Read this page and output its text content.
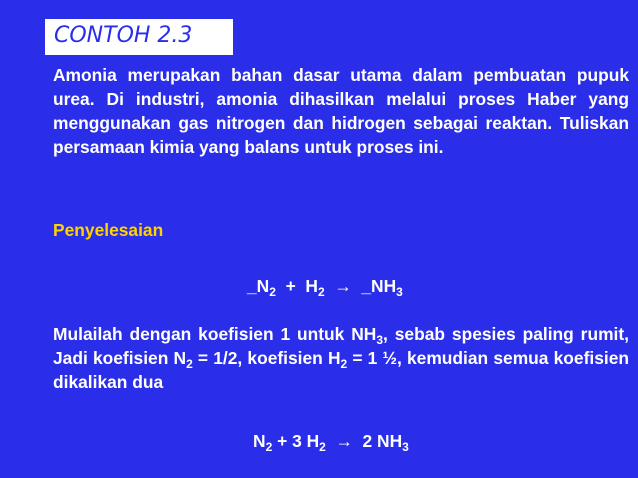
CONTOH 2.3
Amonia merupakan bahan dasar utama dalam pembuatan pupuk urea. Di industri, amonia dihasilkan melalui proses Haber yang menggunakan gas nitrogen dan hidrogen sebagai reaktan. Tuliskan persamaan kimia yang balans untuk proses ini.
Penyelesaian
$\_N_2 + H_2$  →  $\_NH_3$
Mulailah dengan koefisien 1 untuk $NH_3$, sebab spesies paling rumit, Jadi koefisien $N_2 = 1/2$, koefisien $H_2 = 1$ ½, kemudian semua koefisien dikalikan dua
$N_2 + 3$ $H_2 \to 2$ $NH_3$
